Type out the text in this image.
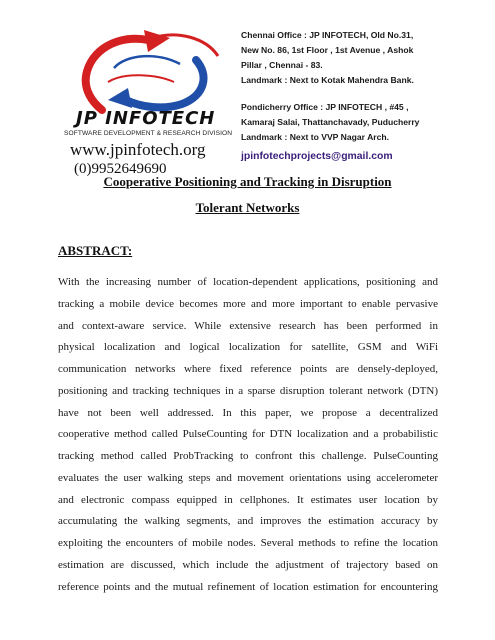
JP INFOTECH
SOFTWARE DEVELOPMENT & RESEARCH DIVISION
www.jpinfotech.org
(0)9952649690
Chennai Office : JP INFOTECH, Old No.31,
New No. 86, 1st Floor , 1st Avenue , Ashok
Pillar , Chennai - 83.
Landmark : Next to Kotak Mahendra Bank.
Pondicherry Office : JP INFOTECH , #45 ,
Kamaraj Salai, Thattanchavady, Puducherry
Landmark : Next to VVP Nagar Arch.
jpinfotechprojects@gmail.com
Cooperative Positioning and Tracking in Disruption
Tolerant Networks
ABSTRACT:
With the increasing number of location-dependent applications, positioning and
tracking a mobile device becomes more and more important to enable pervasive
and context-aware service. While extensive research has been performed in
physical localization and logical localization for satellite, GSM and WiFi
communication networks where fixed reference points are densely-deployed,
positioning and tracking techniques in a sparse disruption tolerant network (DTN)
have not been well addressed. In this paper, we propose a decentralized
cooperative method called PulseCounting for DTN localization and a probabilistic
tracking method called ProbTracking to confront this challenge. PulseCounting
evaluates the user walking steps and movement orientations using accelerometer
and electronic compass equipped in cellphones. It estimates user location by
accumulating the walking segments, and improves the estimation accuracy by
exploiting the encounters of mobile nodes. Several methods to refine the location
estimation are discussed, which include the adjustment of trajectory based on
reference points and the mutual refinement of location estimation for encountering
